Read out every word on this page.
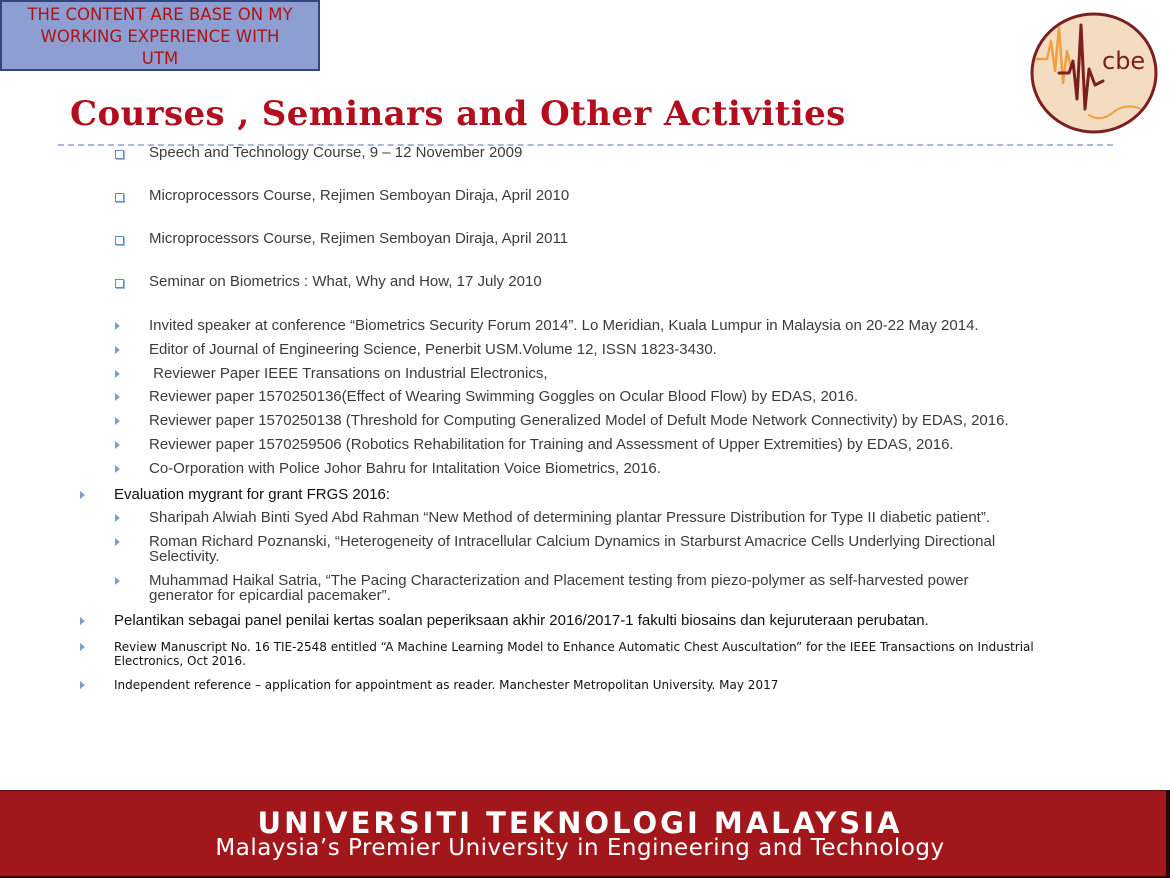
THE CONTENT ARE BASE ON MY
WORKING EXPERIENCE WITH
UTM	cbe
Courses , Seminars and Other Activities
Speech and Technology Course, 9 – 12 November 2009
Microprocessors Course, Rejimen Semboyan Diraja, April 2010
Microprocessors Course, Rejimen Semboyan Diraja, April 2011
Seminar on Biometrics : What, Why and How, 17 July 2010
Invited speaker at conference “Biometrics Security Forum 2014”. Lo Meridian, Kuala Lumpur in Malaysia on 20-22 May 2014.
Editor of Journal of Engineering Science, Penerbit USM.Volume 12, ISSN 1823-3430.
Reviewer Paper IEEE Transations on Industrial Electronics,
Reviewer paper 1570250136(Effect of Wearing Swimming Goggles on Ocular Blood Flow) by EDAS, 2016.
Reviewer paper 1570250138 (Threshold for Computing Generalized Model of Defult Mode Network Connectivity) by EDAS, 2016.
Reviewer paper 1570259506 (Robotics Rehabilitation for Training and Assessment of Upper Extremities) by EDAS, 2016.
Co-Orporation with Police Johor Bahru for Intalitation Voice Biometrics, 2016.
Evaluation mygrant for grant FRGS 2016:
Sharipah Alwiah Binti Syed Abd Rahman “New Method of determining plantar Pressure Distribution for Type II diabetic patient”.
Roman Richard Poznanski, “Heterogeneity of Intracellular Calcium Dynamics in Starburst Amacrice Cells Underlying Directional
Selectivity.
Muhammad Haikal Satria, “The Pacing Characterization and Placement testing from piezo-polymer as self-harvested power
generator for epicardial pacemaker”.
Pelantikan sebagai panel penilai kertas soalan peperiksaan akhir 2016/2017-1 fakulti biosains dan kejuruteraan perubatan.
Review Manuscript No. 16 TIE-2548 entitled “A Machine Learning Model to Enhance Automatic Chest Auscultation” for the IEEE Transactions on Industrial
Electronics, Oct 2016.
Independent reference – application for appointment as reader. Manchester Metropolitan University. May 2017
UNIVERSITI TEKNOLOGI MALAYSIA
Malaysia’s Premier University in Engineering and Technology
